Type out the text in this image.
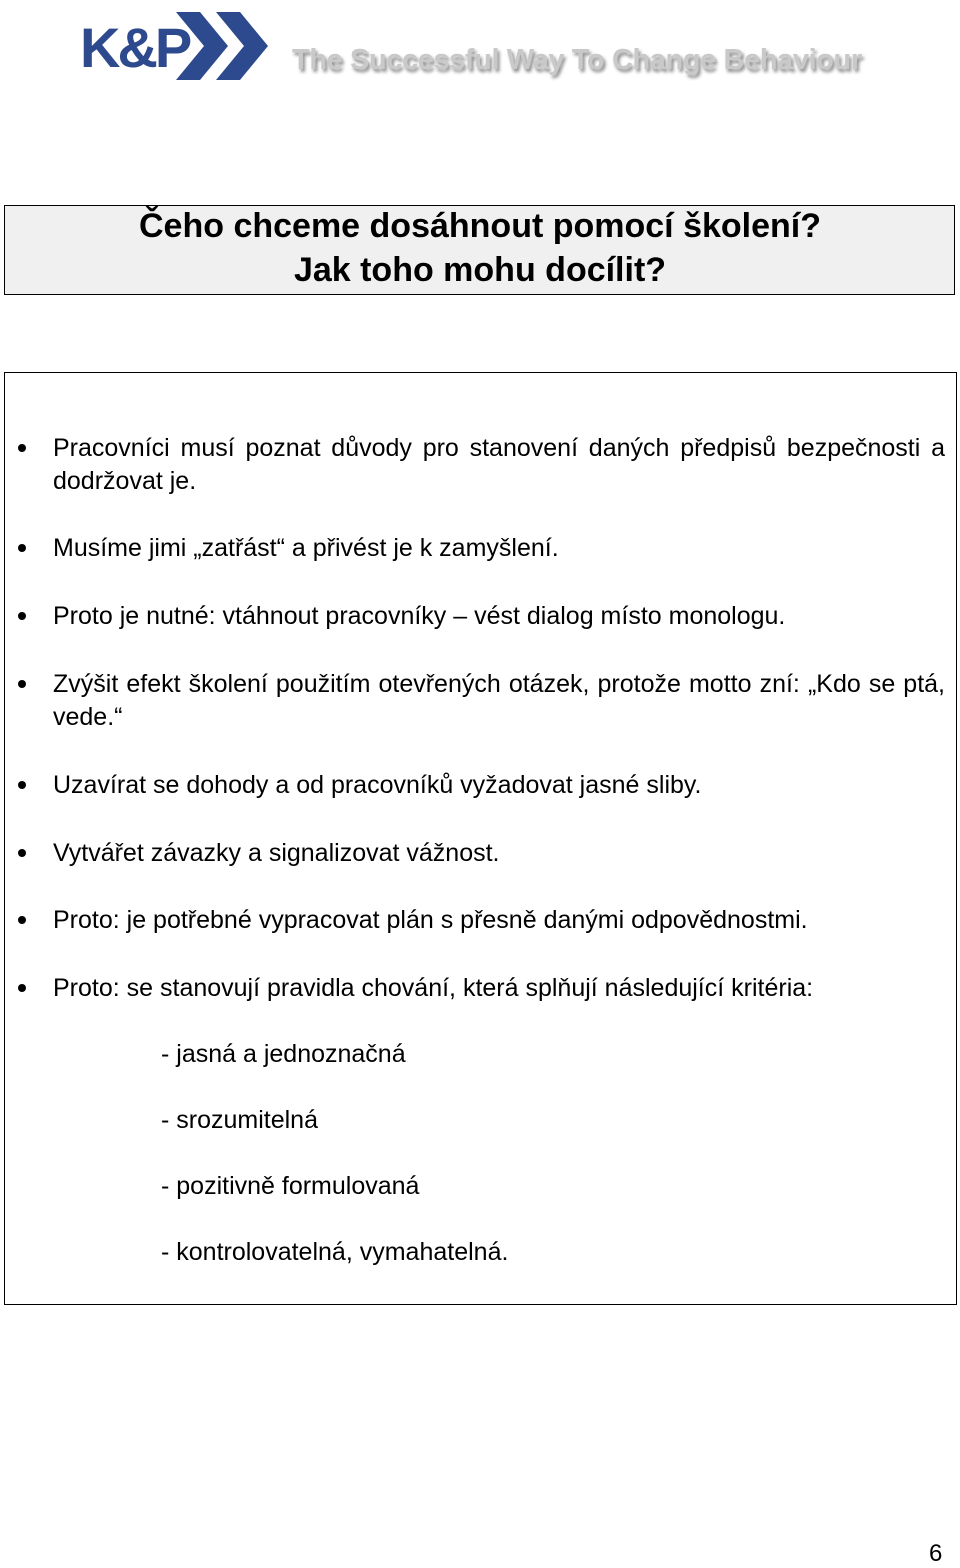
K&P	The Successful Way To Change Behaviour
Čeho chceme dosáhnout pomocí školení?
Jak toho mohu docílit?
Pracovníci musí poznat důvody pro stanovení daných předpisů bezpečnosti a dodržovat je.
Musíme jimi „zatřást“ a přivést je k zamyšlení.
Proto je nutné: vtáhnout pracovníky – vést dialog místo monologu.
Zvýšit efekt školení použitím otevřených otázek, protože motto zní: „Kdo se ptá, vede.“
Uzavírat se dohody a od pracovníků vyžadovat jasné sliby.
Vytvářet závazky a signalizovat vážnost.
Proto: je potřebné vypracovat plán s přesně danými odpovědnostmi.
Proto: se stanovují pravidla chování, která splňují následující kritéria:

- jasná a jednoznačná

- srozumitelná

- pozitivně formulovaná

- kontrolovatelná, vymahatelná.

6
